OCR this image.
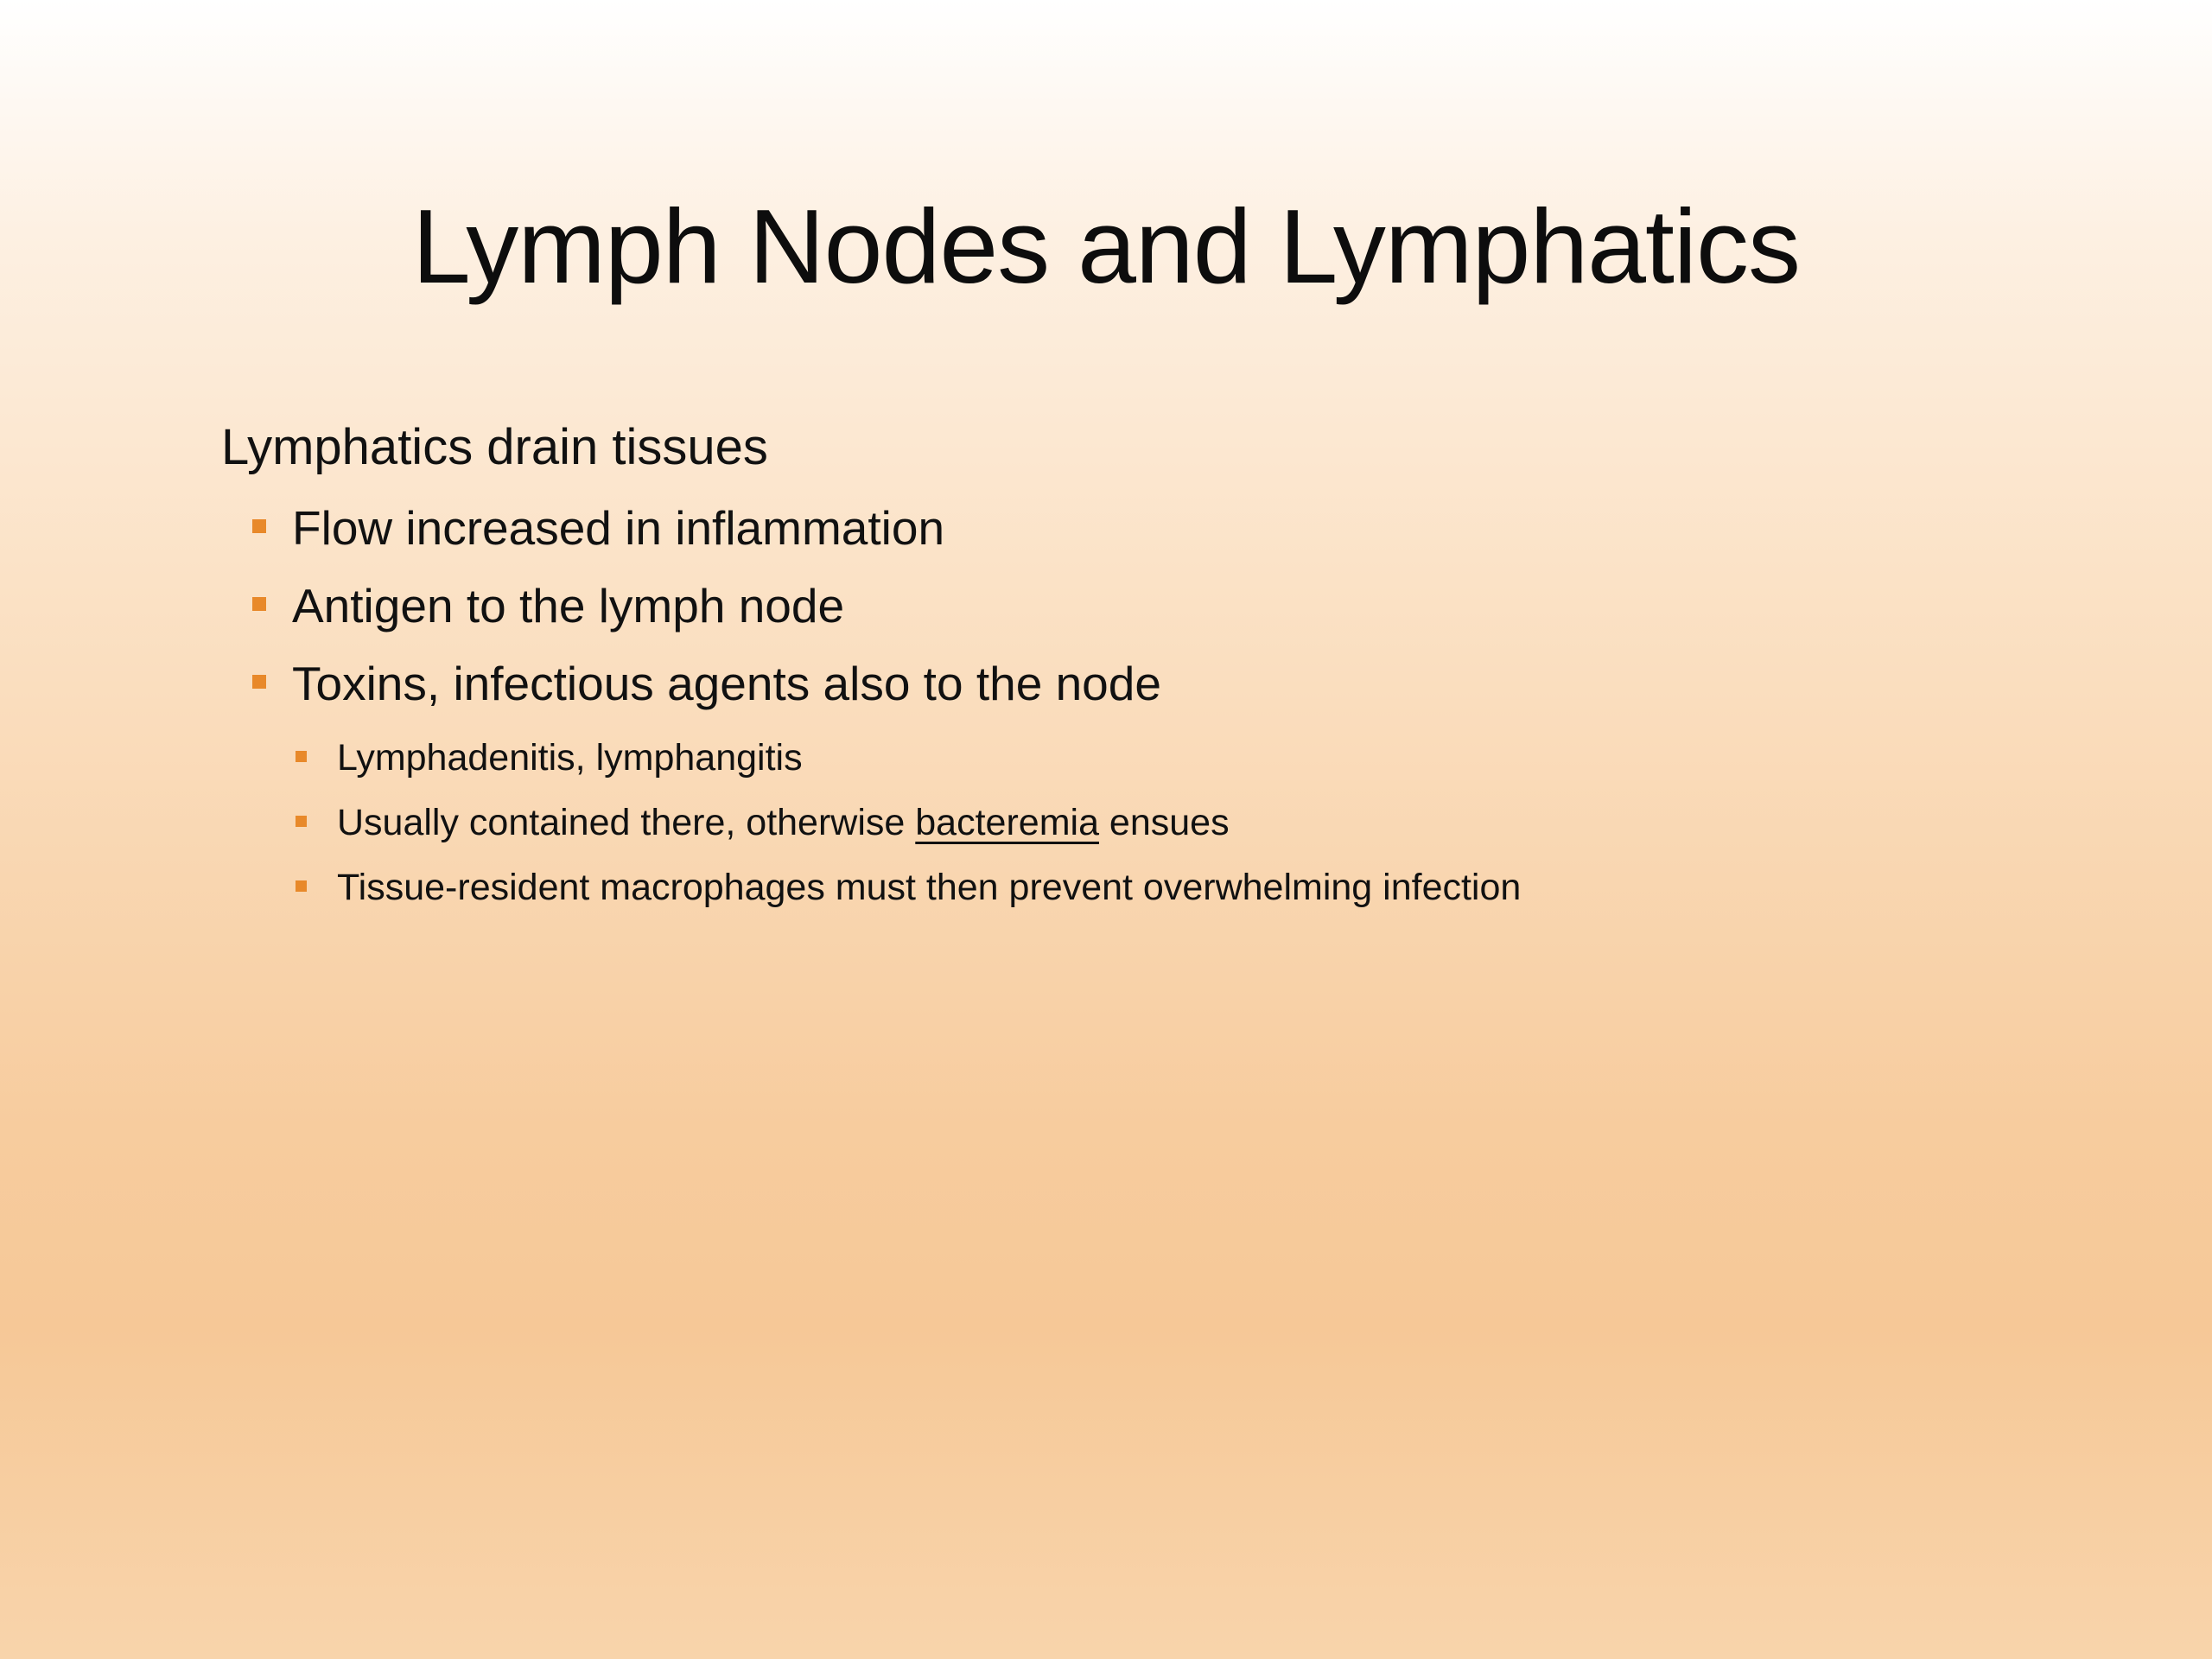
Lymph Nodes and Lymphatics

Lymphatics drain tissues

Flow increased in inflammation
Antigen to the lymph node
Toxins, infectious agents also to the node
Lymphadenitis, lymphangitis
Usually contained there, otherwise bacteremia ensues
Tissue-resident macrophages must then prevent overwhelming infection
